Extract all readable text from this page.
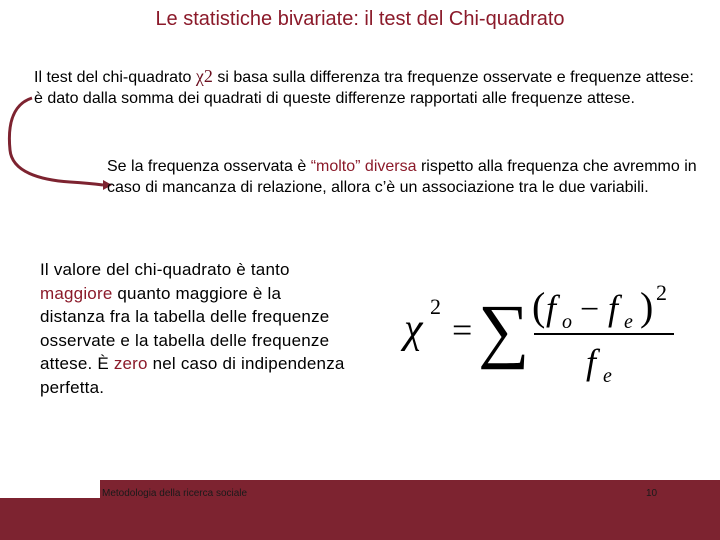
Le statistiche bivariate: il test del Chi-quadrato
Il test del chi-quadrato χ2 si basa sulla differenza tra frequenze osservate e frequenze attese: è dato dalla somma dei quadrati di queste differenze rapportati alle frequenze attese.
Se la frequenza osservata è “molto” diversa rispetto alla frequenza che avremmo in caso di mancanza di relazione, allora c’è un associazione tra le due variabili.
Il valore del chi-quadrato è tanto maggiore quanto maggiore è la distanza fra la tabella delle frequenze osservate e la tabella delle frequenze attese. È zero nel caso di indipendenza perfetta.
χ 2
= ∑ ( f o − f e ) 2
f e
Metodologia della ricerca sociale	10
